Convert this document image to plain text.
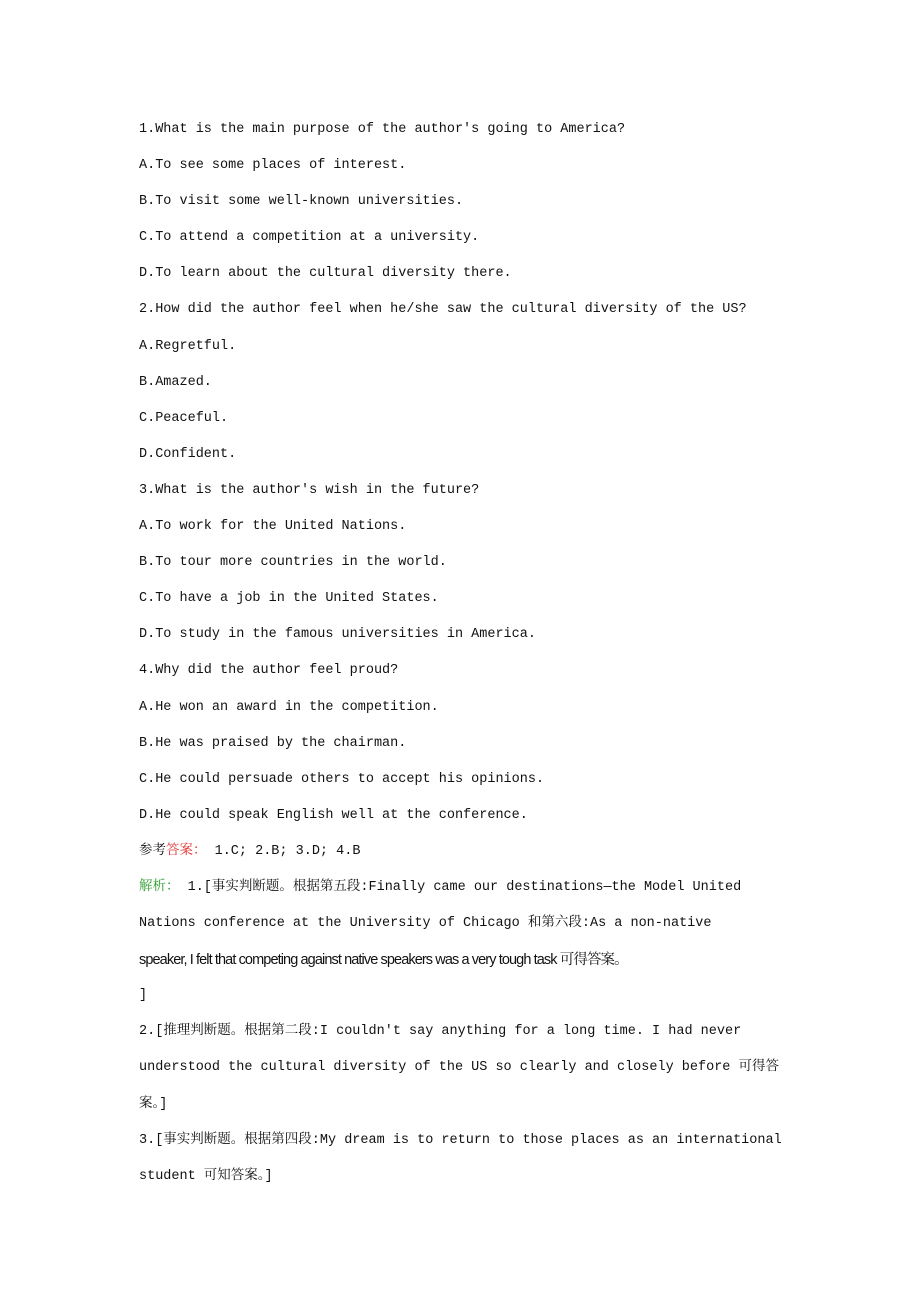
1.What is the main purpose of the author's going to America?
A.To see some places of interest.
B.To visit some well-known universities.
C.To attend a competition at a university.
D.To learn about the cultural diversity there.
2.How did the author feel when he/she saw the cultural diversity of the US?
A.Regretful.
B.Amazed.
C.Peaceful.
D.Confident.
3.What is the author's wish in the future?
A.To work for the United Nations.
B.To tour more countries in the world.
C.To have a job in the United States.
D.To study in the famous universities in America.
4.Why did the author feel proud?
A.He won an award in the competition.
B.He was praised by the chairman.
C.He could persuade others to accept his opinions.
D.He could speak English well at the conference.
参考答案： 1.C; 2.B; 3.D; 4.B
解析： 1.[事实判断题。根据第五段:Finally came our destinations—the Model United
Nations conference at the University of Chicago 和第六段:As a non-native
speaker, I felt that competing against native speakers was a very tough task 可得答案。
]
2.[推理判断题。根据第二段:I couldn't say anything for a long time. I had never
understood the cultural diversity of the US so clearly and closely before 可得答
案。]
3.[事实判断题。根据第四段:My dream is to return to those places as an international
student 可知答案。]
